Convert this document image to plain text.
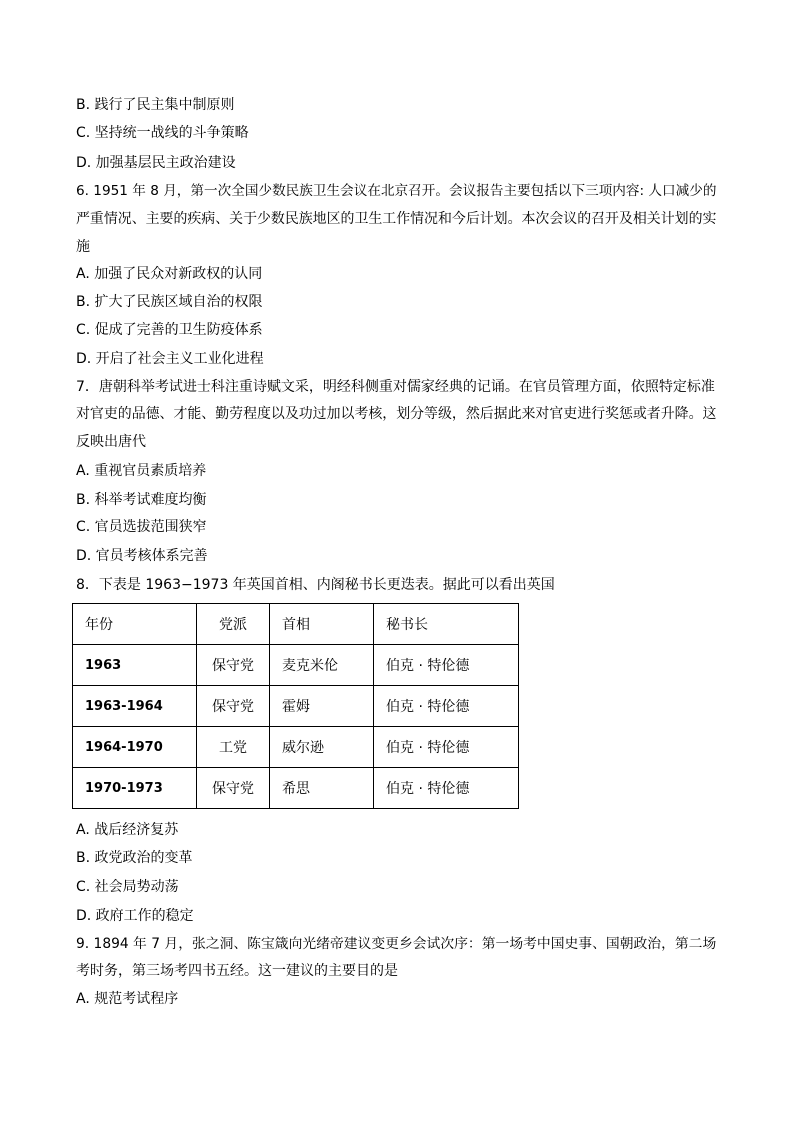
B. 践行了民主集中制原则
C. 坚持统一战线的斗争策略
D. 加强基层民主政治建设
6. 1951 年 8 月，第一次全国少数民族卫生会议在北京召开。会议报告主要包括以下三项内容: 人口减少的
严重情况、主要的疾病、关于少数民族地区的卫生工作情况和今后计划。本次会议的召开及相关计划的实
施
A. 加强了民众对新政权的认同
B. 扩大了民族区域自治的权限
C. 促成了完善的卫生防疫体系
D. 开启了社会主义工业化进程
7．唐朝科举考试进士科注重诗赋文采，明经科侧重对儒家经典的记诵。在官员管理方面，依照特定标准
对官吏的品德、才能、勤劳程度以及功过加以考核，划分等级，然后据此来对官吏进行奖惩或者升降。这
反映出唐代
A. 重视官员素质培养
B. 科举考试难度均衡
C. 官员选拔范围狭窄
D. 官员考核体系完善
8．下表是 1963−1973 年英国首相、内阁秘书长更迭表。据此可以看出英国
年份	党派	首相	秘书长
1963	保守党	麦克米伦	伯克 · 特伦德
1963-1964	保守党	霍姆	伯克 · 特伦德
1964-1970	工党	威尔逊	伯克 · 特伦德
1970-1973	保守党	希思	伯克 · 特伦德
A. 战后经济复苏
B. 政党政治的变革
C. 社会局势动荡
D. 政府工作的稳定
9. 1894 年 7 月，张之洞、陈宝箴向光绪帝建议变更乡会试次序：第一场考中国史事、国朝政治，第二场
考时务，第三场考四书五经。这一建议的主要目的是
A. 规范考试程序
